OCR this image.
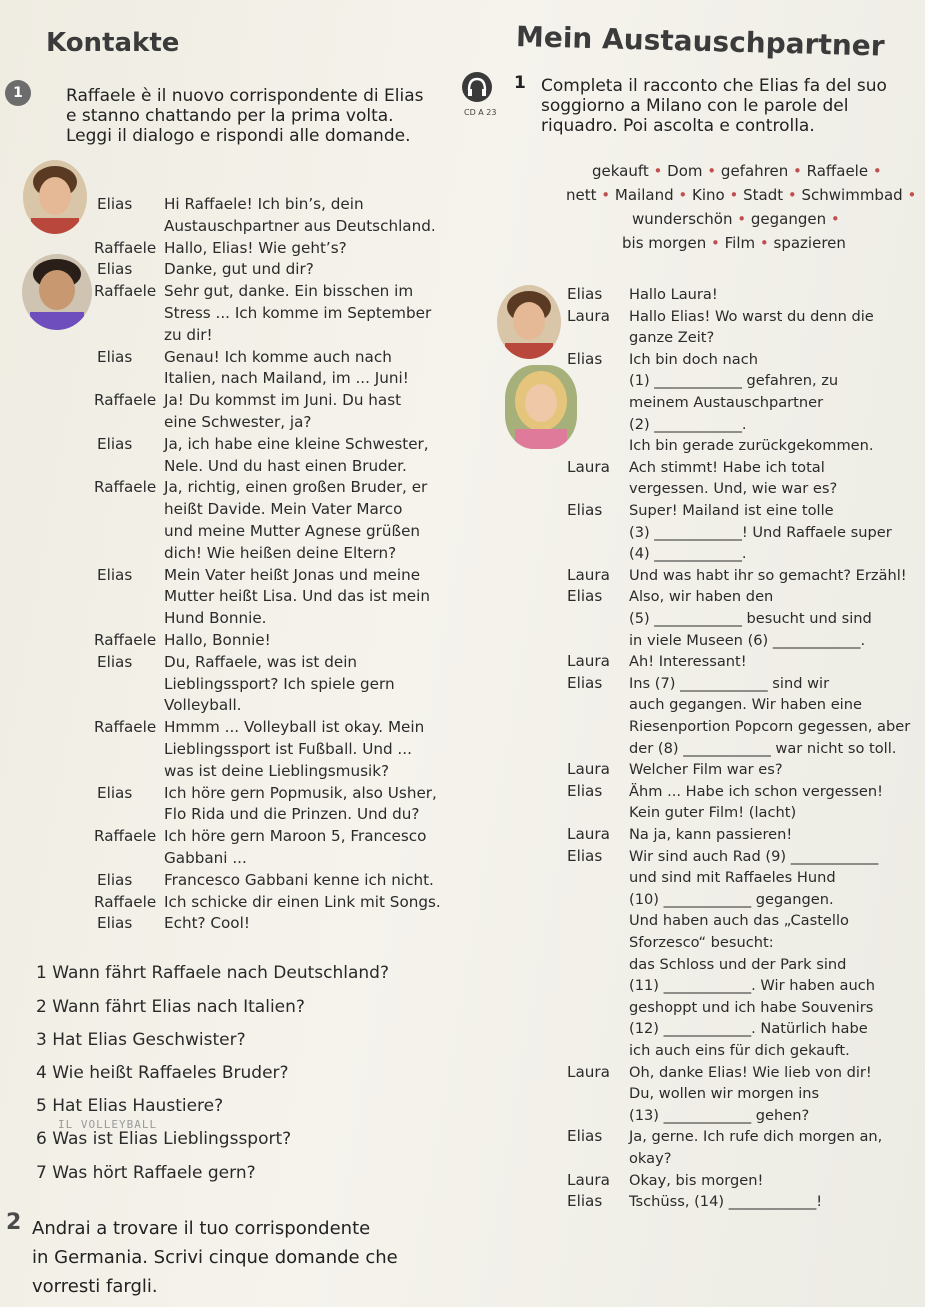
Kontakte	Mein Austauschpartner
1	Raffaele è il nuovo corrispondente di Elias
e stanno chattando per la prima volta.
Leggi il dialogo e rispondi alle domande.
Elias Hi Raffaele! Ich bin’s, dein
Austauschpartner aus Deutschland.
Raffaele Hallo, Elias! Wie geht’s?
Elias Danke, gut und dir?
Raffaele Sehr gut, danke. Ein bisschen im
Stress ... Ich komme im September
zu dir!
Elias Genau! Ich komme auch nach
Italien, nach Mailand, im ... Juni!
Raffaele Ja! Du kommst im Juni. Du hast
eine Schwester, ja?
Elias Ja, ich habe eine kleine Schwester,
Nele. Und du hast einen Bruder.
Raffaele Ja, richtig, einen großen Bruder, er
heißt Davide. Mein Vater Marco
und meine Mutter Agnese grüßen
dich! Wie heißen deine Eltern?
Elias Mein Vater heißt Jonas und meine
Mutter heißt Lisa. Und das ist mein
Hund Bonnie.
Raffaele Hallo, Bonnie!
Elias Du, Raffaele, was ist dein
Lieblingssport? Ich spiele gern
Volleyball.
Raffaele Hmmm ... Volleyball ist okay. Mein
Lieblingssport ist Fußball. Und ...
was ist deine Lieblingsmusik?
Elias Ich höre gern Popmusik, also Usher,
Flo Rida und die Prinzen. Und du?
Raffaele Ich höre gern Maroon 5, Francesco
Gabbani ...
Elias Francesco Gabbani kenne ich nicht.
Raffaele Ich schicke dir einen Link mit Songs.
Elias Echt? Cool!
1 Wann fährt Raffaele nach Deutschland?
2 Wann fährt Elias nach Italien?
3 Hat Elias Geschwister?
4 Wie heißt Raffaeles Bruder?
5 Hat Elias Haustiere?
6 Was ist Elias Lieblingssport?
7 Was hört Raffaele gern?
IL VOLLEYBALL
2 Andrai a trovare il tuo corrispondente
in Germania. Scrivi cinque domande che
vorresti fargli.
CD A 23
1 Completa il racconto che Elias fa del suo
soggiorno a Milano con le parole del
riquadro. Poi ascolta e controlla.
gekauft • Dom • gefahren • Raffaele •
nett • Mailand • Kino • Stadt • Schwimmbad •
wunderschön • gegangen •
bis morgen • Film • spazieren
Elias Hallo Laura!
Laura Hallo Elias! Wo warst du denn die
ganze Zeit?
Elias Ich bin doch nach
(1) ____________ gefahren, zu
meinem Austauschpartner
(2) ____________.
Ich bin gerade zurückgekommen.
Laura Ach stimmt! Habe ich total
vergessen. Und, wie war es?
Elias Super! Mailand ist eine tolle
(3) ____________! Und Raffaele super
(4) ____________.
Laura Und was habt ihr so gemacht? Erzähl!
Elias Also, wir haben den
(5) ____________ besucht und sind
in viele Museen (6) ____________.
Laura Ah! Interessant!
Elias Ins (7) ____________ sind wir
auch gegangen. Wir haben eine
Riesenportion Popcorn gegessen, aber
der (8) ____________ war nicht so toll.
Laura Welcher Film war es?
Elias Ähm ... Habe ich schon vergessen!
Kein guter Film! (lacht)
Laura Na ja, kann passieren!
Elias Wir sind auch Rad (9) ____________
und sind mit Raffaeles Hund
(10) ____________ gegangen.
Und haben auch das „Castello
Sforzesco“ besucht:
das Schloss und der Park sind
(11) ____________. Wir haben auch
geshoppt und ich habe Souvenirs
(12) ____________. Natürlich habe
ich auch eins für dich gekauft.
Laura Oh, danke Elias! Wie lieb von dir!
Du, wollen wir morgen ins
(13) ____________ gehen?
Elias Ja, gerne. Ich rufe dich morgen an,
okay?
Laura Okay, bis morgen!
Elias Tschüss, (14) ____________!
